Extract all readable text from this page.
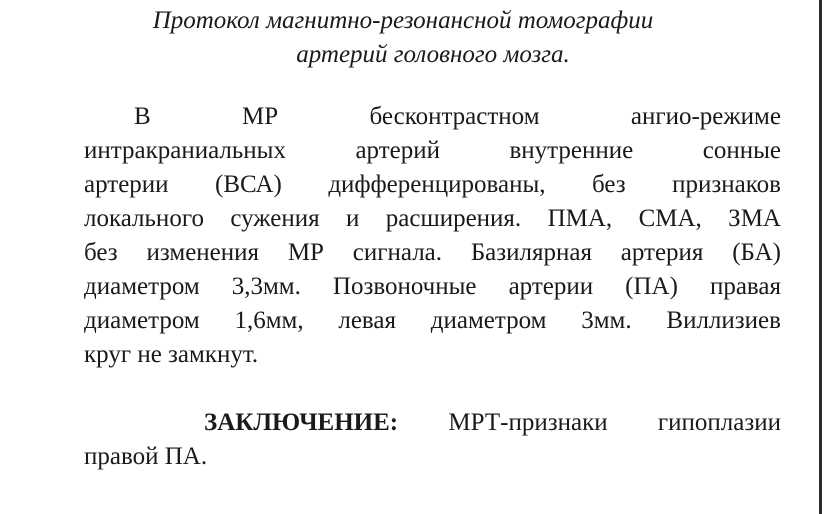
Протокол магнитно-резонансной томографии
артерий головного мозга.
В	МР	бесконтрастном	ангио-режиме
интракраниальных	артерий	внутренние	сонные
артерии (ВСА) дифференцированы, без признаков
локального сужения и расширения. ПМА, СМА, ЗМА
без изменения МР сигнала. Базилярная артерия (БА)
диаметром 3,3мм. Позвоночные артерии (ПА) правая
диаметром 1,6мм, левая диаметром 3мм. Виллизиев
круг не замкнут.
ЗАКЛЮЧЕНИЕ: МРТ-признаки гипоплазии
правой ПА.
